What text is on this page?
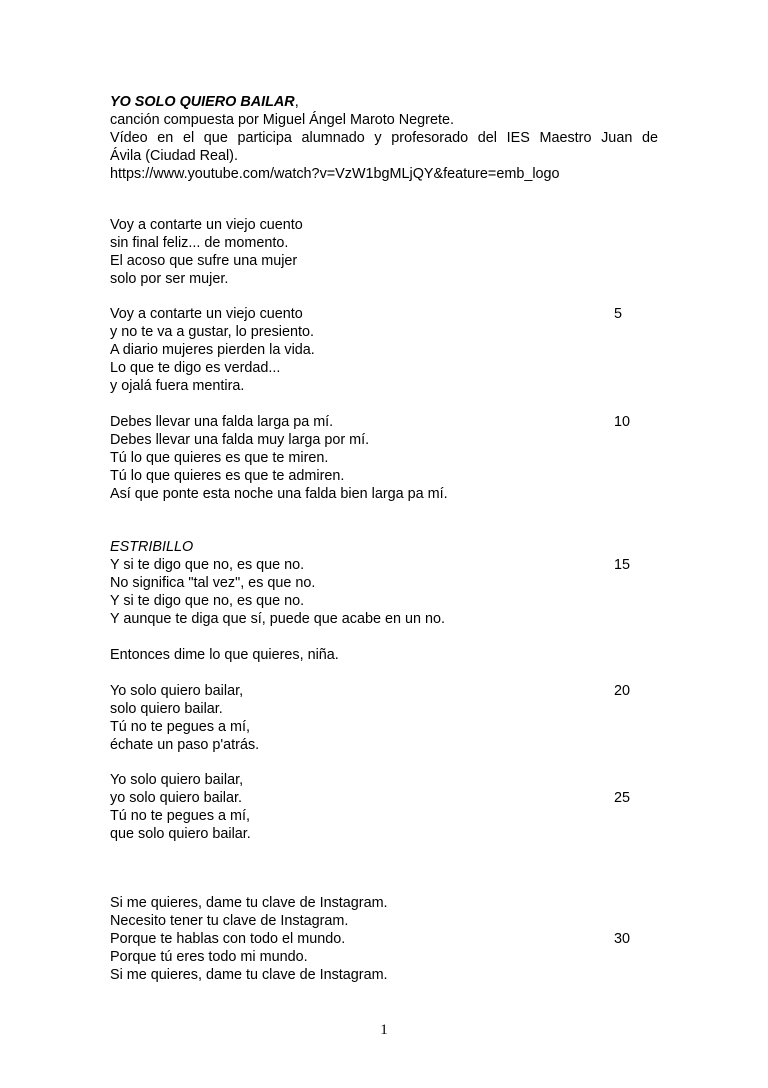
YO SOLO QUIERO BAILAR,
canción compuesta por Miguel Ángel Maroto Negrete.
Vídeo en el que participa alumnado y profesorado del IES Maestro Juan de
Ávila (Ciudad Real).
https://www.youtube.com/watch?v=VzW1bgMLjQY&feature=emb_logo
Voy a contarte un viejo cuento
sin final feliz... de momento.
El acoso que sufre una mujer
solo por ser mujer.
Voy a contarte un viejo cuento
y no te va a gustar, lo presiento.
A diario mujeres pierden la vida.
Lo que te digo es verdad...
y ojalá fuera mentira.
Debes llevar una falda larga pa mí.
Debes llevar una falda muy larga por mí.
Tú lo que quieres es que te miren.
Tú lo que quieres es que te admiren.
Así que ponte esta noche una falda bien larga pa mí.
ESTRIBILLO
Y si te digo que no, es que no.
No significa "tal vez", es que no.
Y si te digo que no, es que no.
Y aunque te diga que sí, puede que acabe en un no.
Entonces dime lo que quieres, niña.
Yo solo quiero bailar,
solo quiero bailar.
Tú no te pegues a mí,
échate un paso p'atrás.
Yo solo quiero bailar,
yo solo quiero bailar.
Tú no te pegues a mí,
que solo quiero bailar.
Si me quieres, dame tu clave de Instagram.
Necesito tener tu clave de Instagram.
Porque te hablas con todo el mundo.
Porque tú eres todo mi mundo.
Si me quieres, dame tu clave de Instagram.
5
10
15
20
25
30
1
